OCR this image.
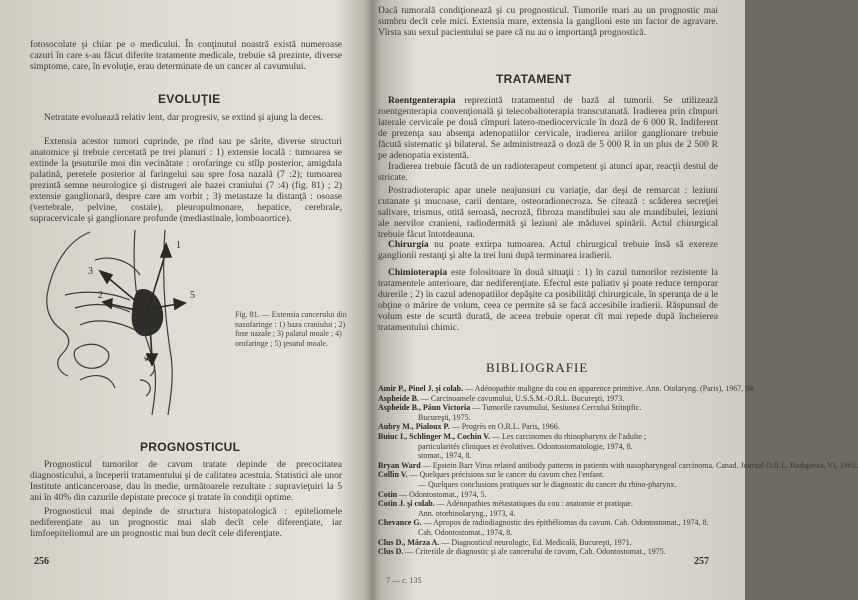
fotosocolate şi chiar pe o medicului. În conţinutul noastră există numeroase cazuri în care s-au făcut diferite tratamente medicale, trebuie să prezinte, diverse simptome, care, în evoluţie, erau determinate de un cancer al cavumului.

EVOLUŢIE

Netratate evoluează relativ lent, dar progresiv, se extind şi ajung la deces.

Extensia acestor tumori cuprinde, pe rînd sau pe sărite, diverse structuri anatomice şi trebuie cercetată pe trei planuri : 1) extensie locală : tumoarea se extinde la ţesuturile moi din vecinătate : orofaringe cu stîlp posterior, amigdala palatină, peretele posterior al faringelui sau spre fosa nazală (7 :2); tumoarea prezintă semne neurologice şi distrugeri ale bazei craniului (7 :4) (fig. 81) ; 2) extensie ganglionară, despre care am vorbit ; 3) metastaze la distanţă : osoase (vertebrale, pelvine, costale), pleuropulmonare, hepatice, cerebrale, supracervicale şi ganglionare profunde (mediastinale, lomboaortice).

1
2
3
4
5
Fig. 81. — Extensia cancerului din nasofaringe : 1) baza craniului ; 2) fose nazale ; 3) palatul moale ; 4) orofaringe ; 5) ţesutul moale.
PROGNOSTICUL

Prognosticul tumorilor de cavum tratate depinde de precocitatea diagnosticului, a începerii tratamentului şi de calitatea acestuia. Statistici ale unor Institute anticanceroase, dau în medie, următoarele rezultate : supravieţuiri la 5 ani în 40% din cazurile depistate precoce şi tratate în condiţii optime.

Prognosticul mai depinde de structura histopatologică : epiteliomele nediferenţiate au un prognostic mai slab decît cele diferenţiate, iar limfoepiteliomul are un prognostic mai bun decît cele diferenţiate.

256

Dacă tumorală condiţionează şi cu prognosticul. Tumorile mari au un prognostic mai sumbru decît cele mici. Extensia mare, extensia la ganglioni este un factor de agravare. Vîrsta sau sexul pacientului se pare că nu au o importanţă prognostică.

TRATAMENT

Roentgenterapia reprezintă tratamentul de bază al tumorii. Se utilizează roentgenterapia convenţională şi telecobaltoterapia transcutanată. Iradierea prin cîmpuri laterale cervicale pe două cîmpuri latero-mediocervicale în doză de 6 000 R. Indiferent de prezenţa sau absenţa adenopatiilor cervicale, iradierea ariilor ganglionare trebuie făcută sistematic şi bilateral. Se administrează o doză de 5 000 R în un plus de 2 500 R pe adenopatia existentă.

Iradierea trebuie făcută de un radioterapeut competent şi atunci apar, reacţii destul de stricate.

Postradioterapic apar unele neajunsuri cu variaţie, dar deşi de remarcat : leziuni cutanate şi mucoase, carii dentare, osteoradionecroza. Se citează : scăderea secreţiei salivare, trismus, otită seroasă, necroză, fibroza mandibulei sau ale mandibulei, leziuni ale nervilor cranieni, radiodermită şi leziuni ale măduvei spinării. Actul chirurgical trebuie făcut întotdeauna.

Chirurgia nu poate extirpa tumoarea. Actul chirurgical trebuie însă să exereze ganglionii restanţi şi alte la trei luni după terminarea iradierii.

Chimioterapia este folositoare în două situaţii : 1) în cazul tumorilor rezistente la tratamentele anterioare, dar nediferenţiate. Efectul este paliativ şi poate reduce temporar durerile ; 2) în cazul adenopatiilor depăşite ca posibilităţi chirurgicale, în speranţa de a le obţine o mărire de volum, ceea ce permite să se facă accesibile iradierii. Răspunsul de volum este de scurtă durată, de aceea trebuie operat cît mai repede după încheierea tratamentului chimic.

BIBLIOGRAFIE
Amir P., Pinel J. şi colab. — Adénopathie maligne du cou en apparence primitive. Ann. Otolaryng. (Paris), 1967, 84.
Aspheide B. — Carcinoamele cavumului, U.S.S.M.-O.R.L. Bucureşti, 1973.
Aspheide B., Păun Victoria — Tumorile cavumului, Sesiunea Cercului Stiinţific.
Bucureşti, 1975.
Aubry M., Pialoux P. — Progrès en O.R.L. Paris, 1966.
Buiuc I., Schlinger M., Cochin V. — Les carcinomes du rhinopharynx de l'adulte ;
particularités cliniques et évolutives. Odontostomatologie, 1974, 8.
stomat., 1974, 8.
Bryan Ward — Epstein Barr Virus related antibody patterns in patients with nasopharyngeal carcinoma. Canad. Journal O.R.L. Budapesta, VI, 1965.
Collin V. — Quelques précisions sur le cancer du cavum chez l'enfant.
— Quelques conclusions pratiques sur le diagnostic du cancer du rhino-pharynx.
Cotin — Odontostomat., 1974, 5.
Cotin J. şi colab. — Adénopathies métastatiques du cou : anatomie et pratique.
Ann. otorhinolaryng., 1973, 4.
Chevance G. — Apropos de radiodiagnostic des épithéliomas du cavum. Cah. Odontostomat., 1974, 8.
Cah. Odontostomat., 1974, 8.
Clus D., Mârza A. — Diagnosticul neurologic, Ed. Medicală, Bucureşti, 1971.
Clus D. — Criteriile de diagnostic şi ale cancerului de cavum, Cah. Odontostomat., 1975.
7 — c. 135
257
